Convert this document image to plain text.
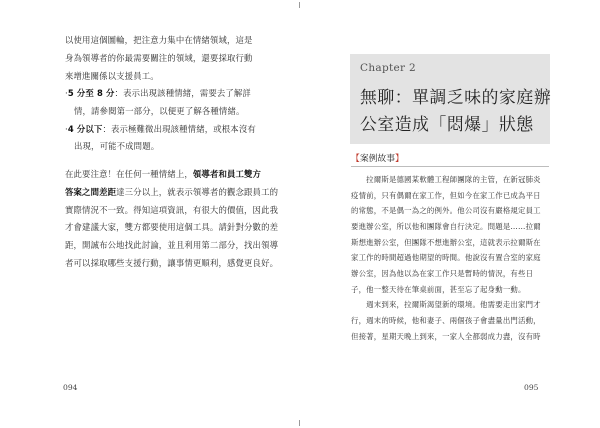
以使用這個圖輪，把注意力集中在情緒領域，這是
身為領導者的你最需要關注的領域，還要採取行動
來增進關係以支援員工。
‧5 分至 8 分：表示出現該種情緒，需要去了解詳
情，請參閱第一部分，以便更了解各種情緒。
‧4 分以下：表示極難微出現該種情緒，或根本沒有
出現，可能不成問題。
在此要注意！在任何一種情緒上，領導者和員工雙方
答案之間差距達三分以上，就表示領導者的觀念跟員工的
實際情況不一致。得知這項資訊，有很大的價值，因此我
才會建議大家，雙方都要使用這個工具。請針對分數的差
距，開誠布公地找此討論，並且利用第二部分，找出領導
者可以採取哪些支援行動，讓事情更順利，感覺更良好。
094
Chapter 2
無聊：單調乏味的家庭辦
公室造成「悶爆」狀態
【案例故事】
　　拉爾斯是德國某軟體工程師團隊的主管，在新冠肺炎
疫情前，只有偶爾在家工作，但如今在家工作已成為平日
的常態，不是偶一為之的例外。他公司沒有嚴格規定員工
要進辦公室，所以他和團隊會自行決定。問題是……拉爾
斯想進辦公室，但團隊不想進辦公室，這就表示拉爾斯在
家工作的時間超過他期望的時間。他說沒有置合室的家庭
辦公室，因為他以為在家工作只是暫時的情況，有些日
子，他一整天待在筆桌前面，甚至忘了起身動一動。
　　週末到來，拉爾斯渴望新的環境。他需要走出家門才
行，週末的時候，他和妻子、兩個孩子會盡量出門活動，
但接著，星期天晚上到來，一家人全都弱成力盡，沒有時
095
